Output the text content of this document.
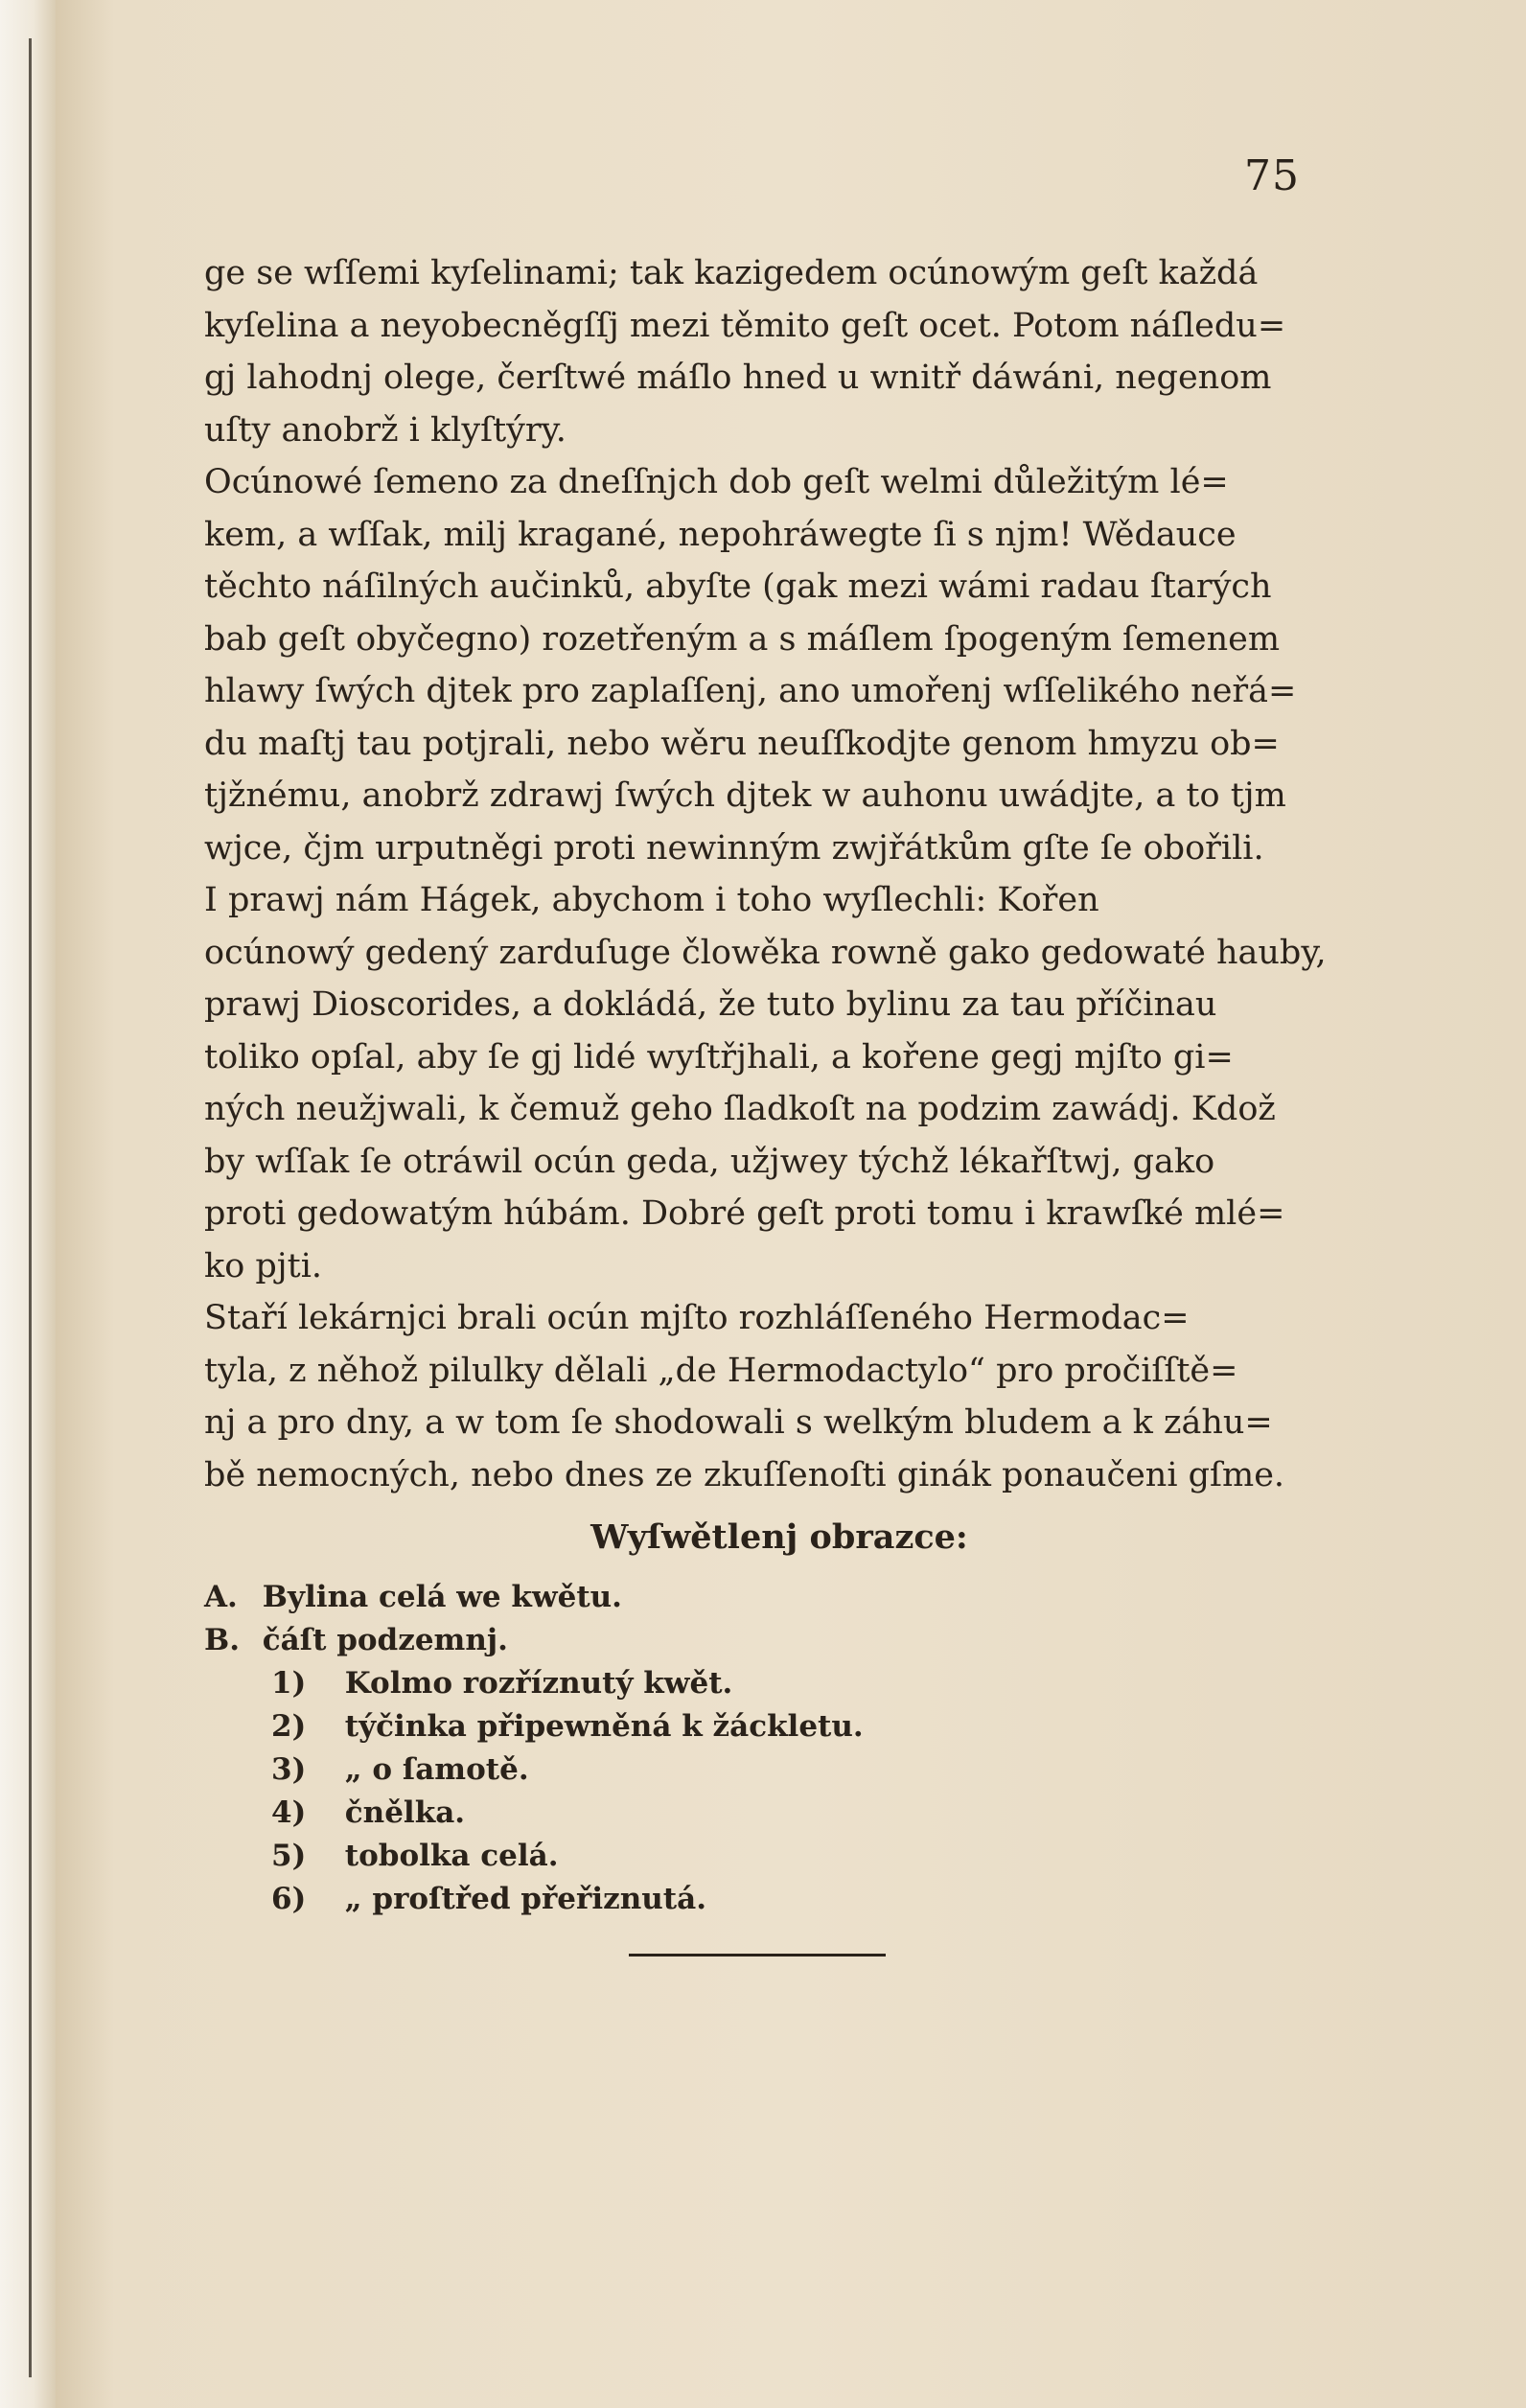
75
ge se wſſemi kyſelinami; tak kazigedem ocúnowým geſt každá
kyſelina a neyobecněgſſj mezi těmito geſt ocet. Potom náſledu=
gj lahodnj olege, čerſtwé máſlo hned u wnitř dáwáni, negenom
uſty anobrž i klyſtýry.
Ocúnowé ſemeno za dneſſnjch dob geſt welmi důležitým lé=
kem, a wſſak, milj kragané, nepohráwegte ſi s njm! Wědauce
těchto náſilných aučinků, abyſte (gak mezi wámi radau ſtarých
bab geſt obyčegno) rozetřeným a s máſlem ſpogeným ſemenem
hlawy ſwých djtek pro zaplaſſenj, ano umořenj wſſelikého neřá=
du maſtj tau potjrali, nebo wěru neuſſkodjte genom hmyzu ob=
tjžnému, anobrž zdrawj ſwých djtek w auhonu uwádjte, a to tjm
wjce, čjm urputněgi proti newinným zwjřátkům gſte ſe obořili.
I prawj nám Hágek, abychom i toho wyſlechli: Kořen
ocúnowý gedený zarduſuge člowěka rowně gako gedowaté hauby,
prawj Dioscorides, a dokládá, že tuto bylinu za tau příčinau
toliko opſal, aby ſe gj lidé wyſtřjhali, a kořene gegj mjſto gi=
ných neužjwali, k čemuž geho ſladkoſt na podzim zawádj. Kdož
by wſſak ſe otráwil ocún geda, užjwey týchž lékařſtwj, gako
proti gedowatým húbám. Dobré geſt proti tomu i krawſké mlé=
ko pjti.
Staří lekárnjci brali ocún mjſto rozhláſſeného Hermodac=
tyla, z něhož pilulky dělali „de Hermodactylo“ pro pročiſſtě=
nj a pro dny, a w tom ſe shodowali s welkým bludem a k záhu=
bě nemocných, nebo dnes ze zkuſſenoſti ginák ponaučeni gſme.
Wyſwětlenj obrazce:
A. Bylina celá we kwětu.
B. čáſt podzemnj.
1) Kolmo rozříznutý kwět.
2) týčinka připewněná k žáckletu.
3) „ o ſamotě.
4) čnělka.
5) tobolka celá.
6) „ proſtřed přeřiznutá.
